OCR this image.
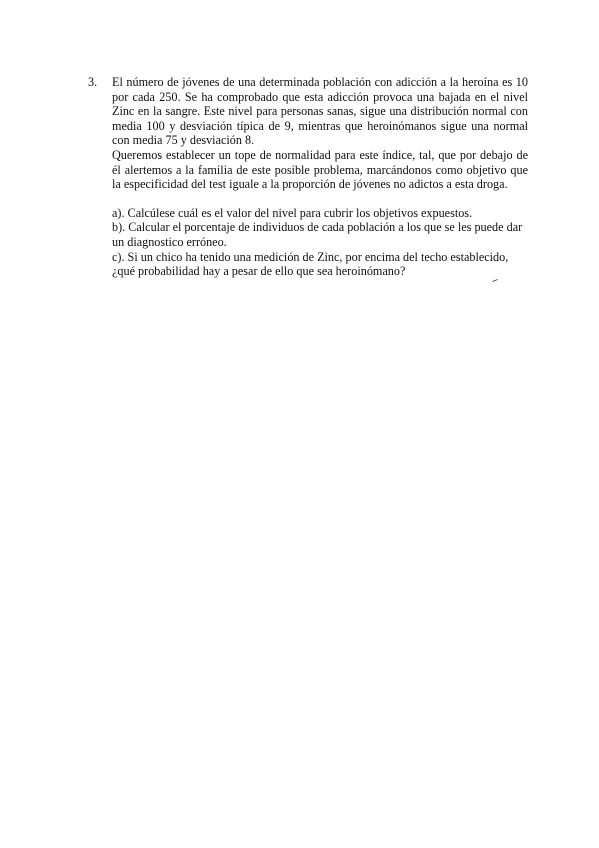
3.	El número de jóvenes de una determinada población con adicción a la heroína es 10 por cada 250. Se ha comprobado que esta adicción provoca una bajada en el nivel Zinc en la sangre. Este nivel para personas sanas, sigue una distribución normal con media 100 y desviación típica de 9, mientras que heroinómanos sigue una normal con media 75 y desviación 8.

Queremos establecer un tope de normalidad para este índice, tal, que por debajo de él alertemos a la familia de este posible problema, marcándonos como objetivo que la especificidad del test iguale a la proporción de jóvenes no adictos a esta droga.

a). Calcúlese cuál es el valor del nivel para cubrir los objetivos expuestos.

b). Calcular el porcentaje de individuos de cada población a los que se les puede dar un diagnostico erróneo.

c). Si un chico ha tenido una medición de Zinc, por encima del techo establecido, ¿qué probabilidad hay a pesar de ello que sea heroinómano?
